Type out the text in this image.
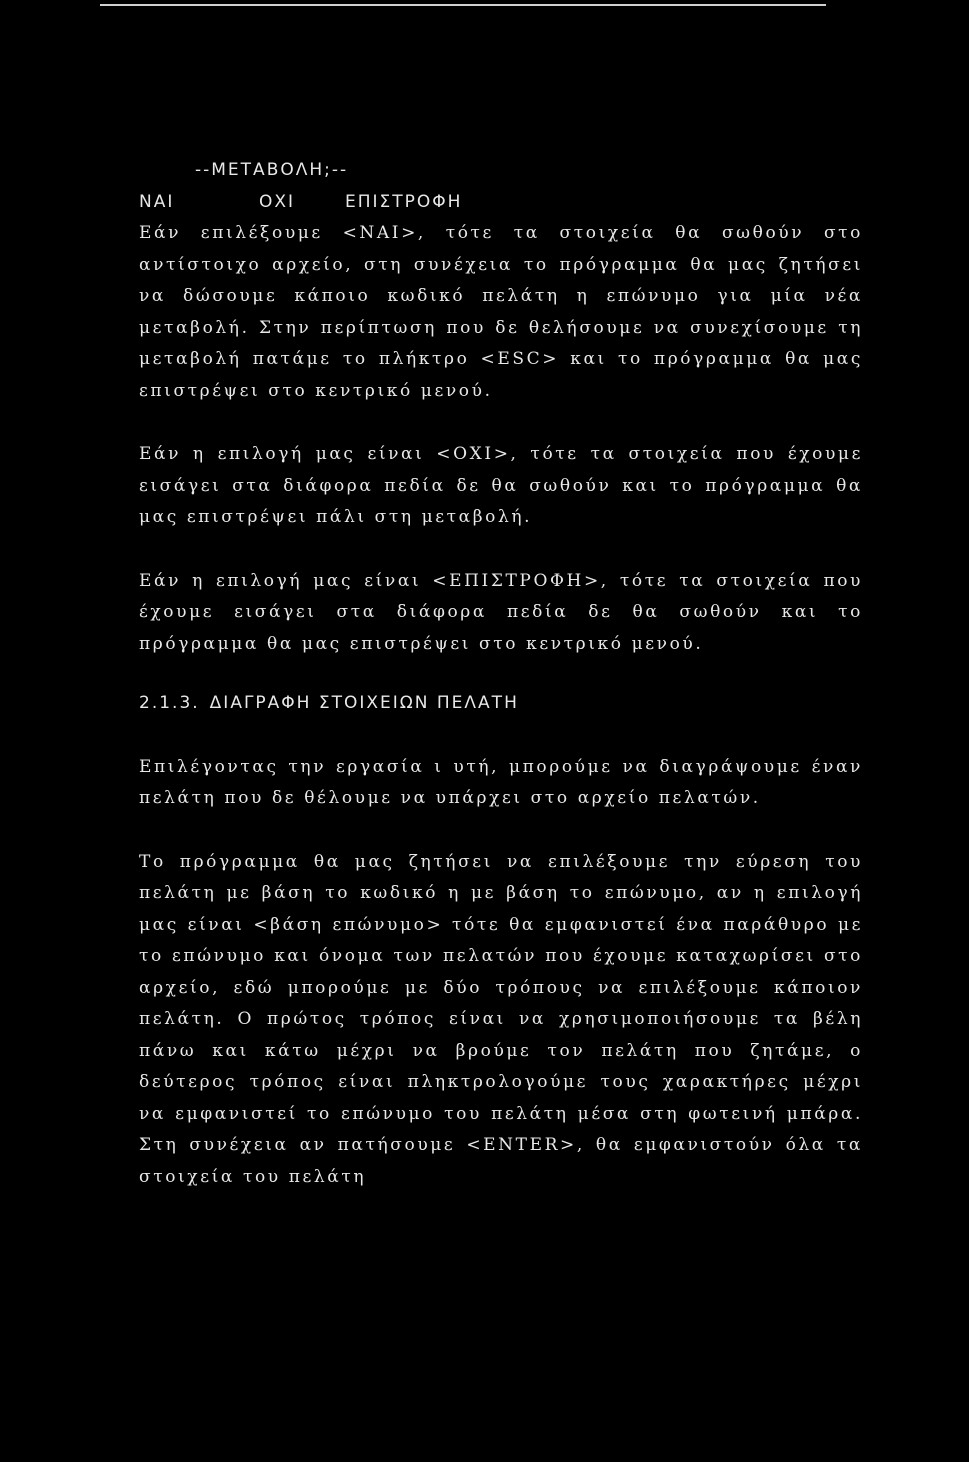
--ΜΕΤΑΒΟΛΗ;--
ΝΑΙ	ΟΧΙ	ΕΠΙΣΤΡΟΦΗ
Εάν επιλέξουμε <ΝΑΙ>, τότε τα στοιχεία θα σωθούν στο αντίστοιχο αρχείο, στη συνέχεια το πρόγραμμα θα μας ζητήσει να δώσουμε κάποιο κωδικό πελάτη η επώνυμο για μία νέα μεταβολή. Στην περίπτωση που δε θελήσουμε να συνεχίσουμε τη μεταβολή πατάμε το πλήκτρο <ESC> και το πρόγραμμα θα μας επιστρέψει στο κεντρικό μενού.
Εάν η επιλογή μας είναι <ΟΧΙ>, τότε τα στοιχεία που έχουμε εισάγει στα διάφορα πεδία δε θα σωθούν και το πρόγραμμα θα μας επιστρέψει πάλι στη μεταβολή.
Εάν η επιλογή μας είναι <ΕΠΙΣΤΡΟΦΗ>, τότε τα στοιχεία που έχουμε εισάγει στα διάφορα πεδία δε θα σωθούν και το πρόγραμμα θα μας επιστρέψει στο κεντρικό μενού.
2.1.3. ΔΙΑΓΡΑΦΗ ΣΤΟΙΧΕΙΩΝ ΠΕΛΑΤΗ
Επιλέγοντας την εργασία ι υτή, μπορούμε να διαγράψουμε έναν πελάτη που δε θέλουμε να υπάρχει στο αρχείο πελατών.
Το πρόγραμμα θα μας ζητήσει να επιλέξουμε την εύρεση του πελάτη με βάση το κωδικό η με βάση το επώνυμο, αν η επιλογή μας είναι <βάση επώνυμο> τότε θα εμφανιστεί ένα παράθυρο με το επώνυμο και όνομα των πελατών που έχουμε καταχωρίσει στο αρχείο, εδώ μπορούμε με δύο τρόπους να επιλέξουμε κάποιον πελάτη. Ο πρώτος τρόπος είναι να χρησιμοποιήσουμε τα βέλη πάνω και κάτω μέχρι να βρούμε τον πελάτη που ζητάμε, ο δεύτερος τρόπος είναι πληκτρολογούμε τους χαρακτήρες μέχρι να εμφανιστεί το επώνυμο του πελάτη μέσα στη φωτεινή μπάρα. Στη συνέχεια αν πατήσουμε <ENTER>, θα εμφανιστούν όλα τα στοιχεία του πελάτη
